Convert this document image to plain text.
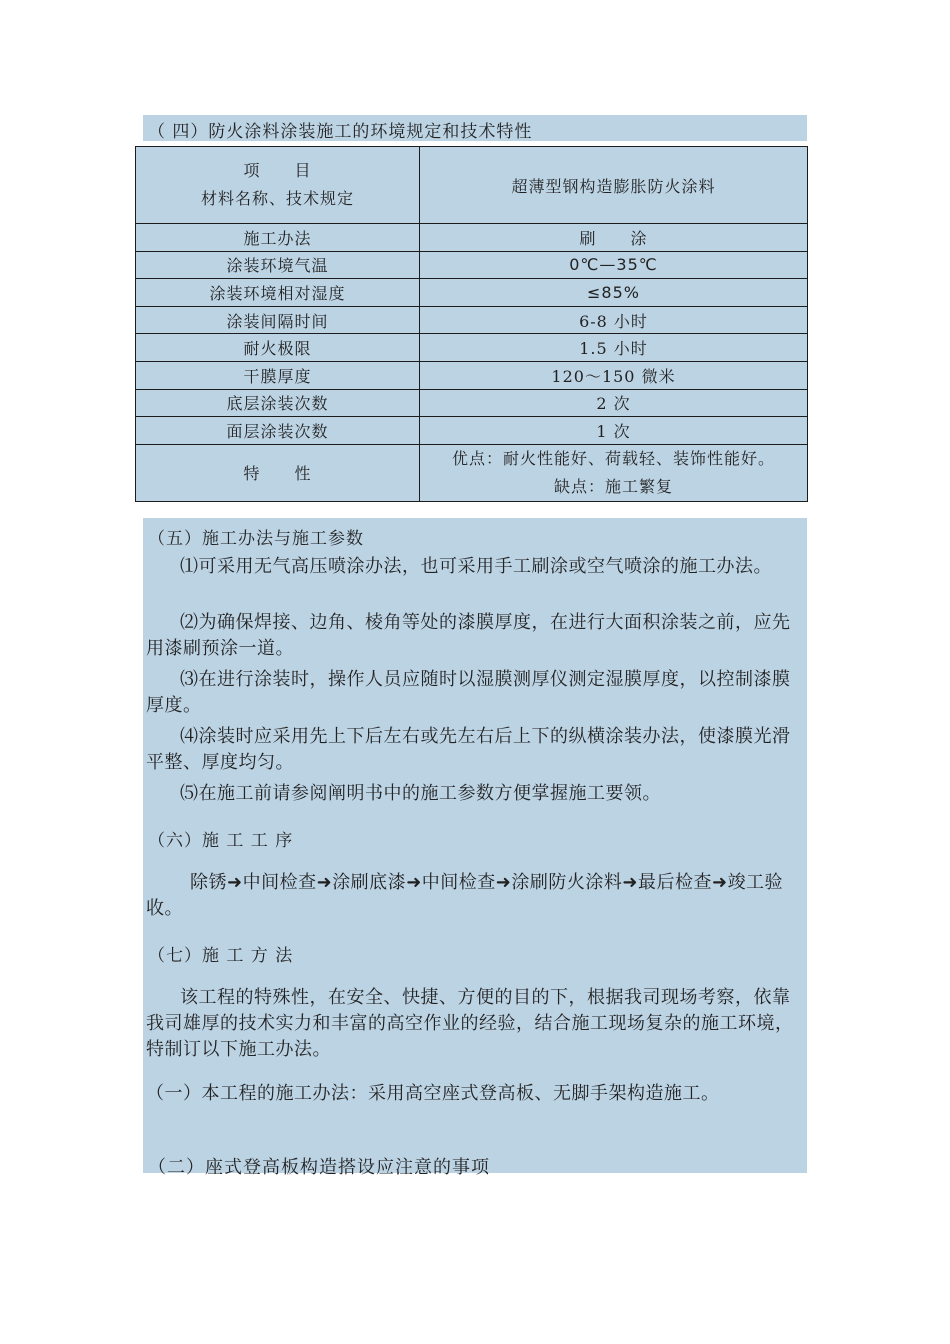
（ 四）防火涂料涂装施工的环境规定和技术特性
项　　目
材料名称、技术规定	超薄型钢构造膨胀防火涂料
施工办法	刷　　涂
涂装环境气温	0℃—35℃
涂装环境相对湿度	≤85%
涂装间隔时间	6-8 小时
耐火极限	1.5 小时
干膜厚度	120～150 微米
底层涂装次数	2 次
面层涂装次数	1 次
特　　性	优点：耐火性能好、荷载轻、装饰性能好。
缺点：施工繁复
（五）施工办法与施工参数
⑴可采用无气高压喷涂办法，也可采用手工刷涂或空气喷涂的施工办法。
⑵为确保焊接、边角、棱角等处的漆膜厚度，在进行大面积涂装之前，应先用漆刷预涂一道。
⑶在进行涂装时，操作人员应随时以湿膜测厚仪测定湿膜厚度，以控制漆膜厚度。
⑷涂装时应采用先上下后左右或先左右后上下的纵横涂装办法，使漆膜光滑平整、厚度均匀。
⑸在施工前请参阅阐明书中的施工参数方便掌握施工要领。
（六）施 工 工 序
除锈➜中间检查➜涂刷底漆➜中间检查➜涂刷防火涂料➜最后检查➜竣工验收。
（七）施 工 方 法
该工程的特殊性，在安全、快捷、方便的目的下，根据我司现场考察，依靠我司雄厚的技术实力和丰富的高空作业的经验，结合施工现场复杂的施工环境，特制订以下施工办法。
（一）本工程的施工办法：采用高空座式登高板、无脚手架构造施工。
（二）座式登高板构造搭设应注意的事项
